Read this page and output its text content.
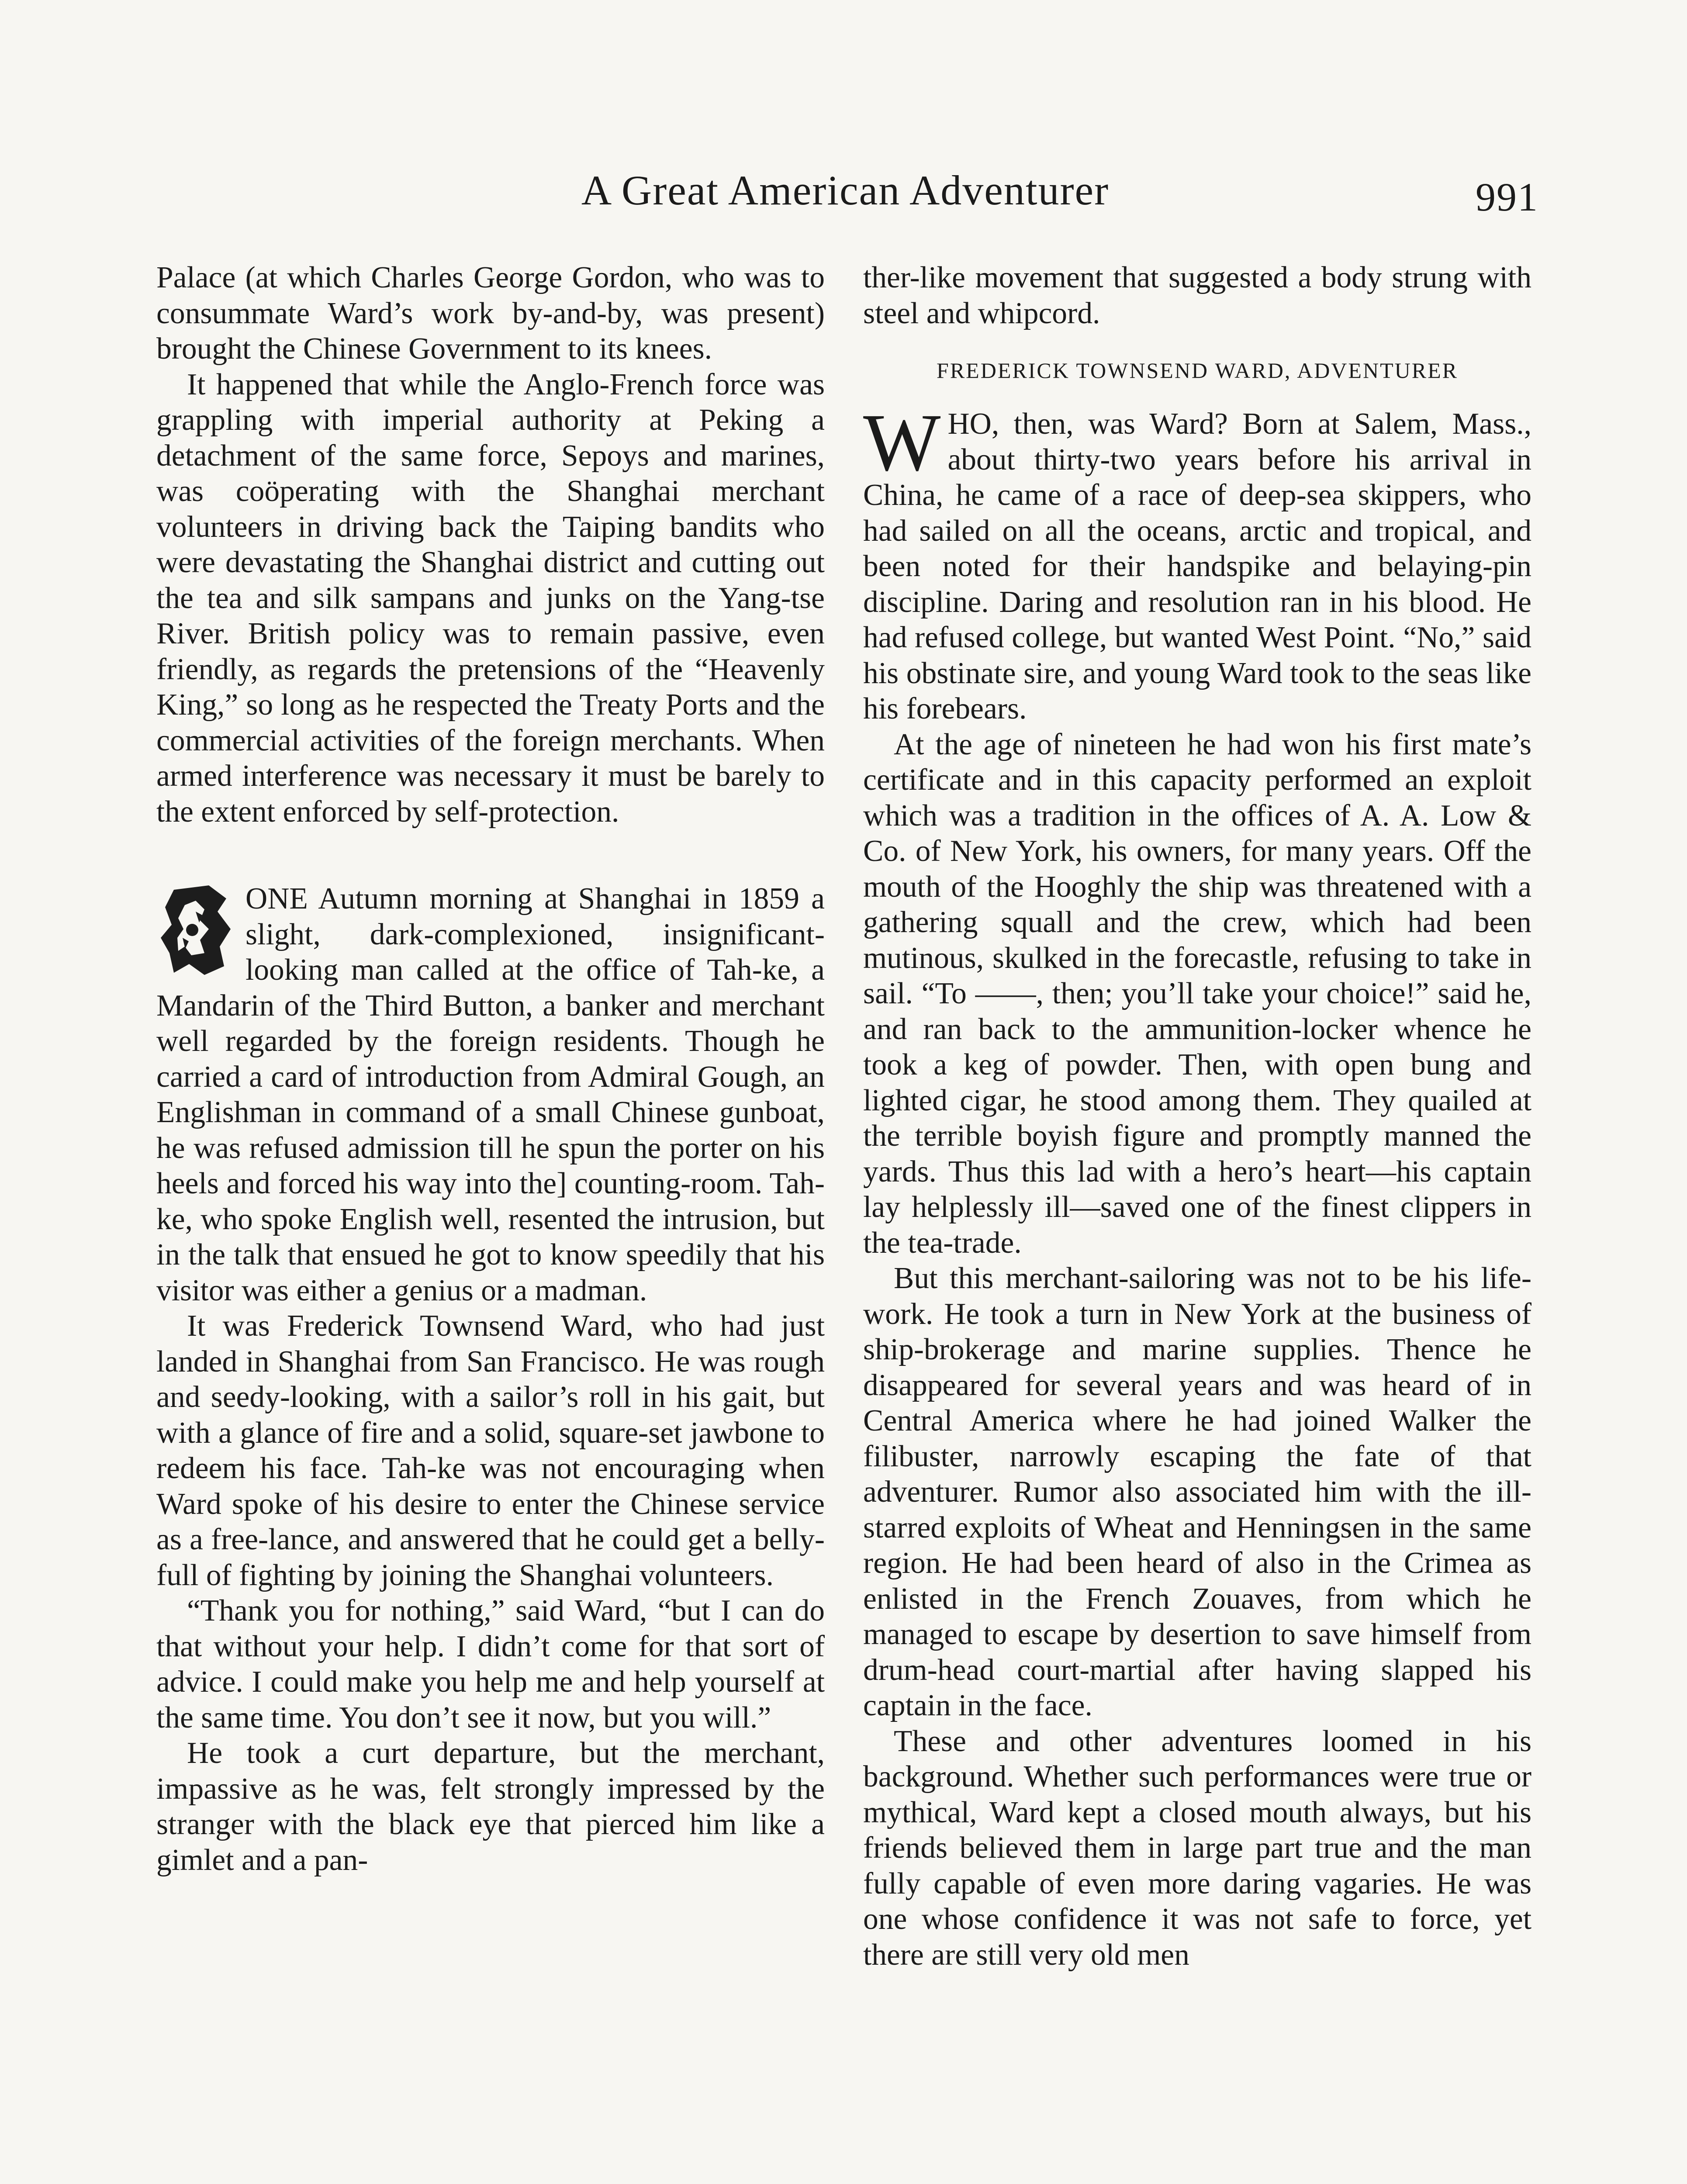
A Great American Adventurer	991

Palace (at which Charles George Gordon, who was to consummate Ward’s work by-and-by, was present) brought the Chinese Government to its knees.

It happened that while the Anglo-French force was grappling with imperial authority at Peking a detachment of the same force, Sepoys and marines, was coöperating with the Shanghai merchant volunteers in driving back the Taiping bandits who were devastating the Shanghai district and cutting out the tea and silk sampans and junks on the Yang-tse River. British policy was to remain passive, even friendly, as regards the pretensions of the “Heavenly King,” so long as he respected the Treaty Ports and the commercial activities of the foreign merchants. When armed interference was necessary it must be barely to the extent enforced by self-protection.

ONE Autumn morning at Shanghai in 1859 a slight, dark-complexioned, insignificant-looking man called at the office of Tah-ke, a Mandarin of the Third Button, a banker and merchant well regarded by the foreign residents. Though he carried a card of introduction from Admiral Gough, an Englishman in command of a small Chinese gunboat, he was refused admission till he spun the porter on his heels and forced his way into the] counting-room. Tah-ke, who spoke English well, resented the intrusion, but in the talk that ensued he got to know speedily that his visitor was either a genius or a madman.

It was Frederick Townsend Ward, who had just landed in Shanghai from San Francisco. He was rough and seedy-looking, with a sailor’s roll in his gait, but with a glance of fire and a solid, square-set jawbone to redeem his face. Tah-ke was not encouraging when Ward spoke of his desire to enter the Chinese service as a free-lance, and answered that he could get a belly-full of fighting by joining the Shanghai volunteers.

“Thank you for nothing,” said Ward, “but I can do that without your help. I didn’t come for that sort of advice. I could make you help me and help yourself at the same time. You don’t see it now, but you will.”

He took a curt departure, but the merchant, impassive as he was, felt strongly impressed by the stranger with the black eye that pierced him like a gimlet and a pan-

ther-like movement that suggested a body strung with steel and whipcord.

FREDERICK TOWNSEND WARD, ADVENTURER

W HO, then, was Ward? Born at Salem, Mass., about thirty-two years before his arrival in China, he came of a race of deep-sea skippers, who had sailed on all the oceans, arctic and tropical, and been noted for their handspike and belaying-pin discipline. Daring and resolution ran in his blood. He had refused college, but wanted West Point. “No,” said his obstinate sire, and young Ward took to the seas like his forebears.

At the age of nineteen he had won his first mate’s certificate and in this capacity performed an exploit which was a tradition in the offices of A. A. Low & Co. of New York, his owners, for many years. Off the mouth of the Hooghly the ship was threatened with a gathering squall and the crew, which had been mutinous, skulked in the forecastle, refusing to take in sail. “To ——, then; you’ll take your choice!” said he, and ran back to the ammunition-locker whence he took a keg of powder. Then, with open bung and lighted cigar, he stood among them. They quailed at the terrible boyish figure and promptly manned the yards. Thus this lad with a hero’s heart—his captain lay helplessly ill—saved one of the finest clippers in the tea-trade.

But this merchant-sailoring was not to be his life-work. He took a turn in New York at the business of ship-brokerage and marine supplies. Thence he disappeared for several years and was heard of in Central America where he had joined Walker the filibuster, narrowly escaping the fate of that adventurer. Rumor also associated him with the ill-starred exploits of Wheat and Henningsen in the same region. He had been heard of also in the Crimea as enlisted in the French Zouaves, from which he managed to escape by desertion to save himself from drum-head court-martial after having slapped his captain in the face.

These and other adventures loomed in his background. Whether such performances were true or mythical, Ward kept a closed mouth always, but his friends believed them in large part true and the man fully capable of even more daring vagaries. He was one whose confidence it was not safe to force, yet there are still very old men
